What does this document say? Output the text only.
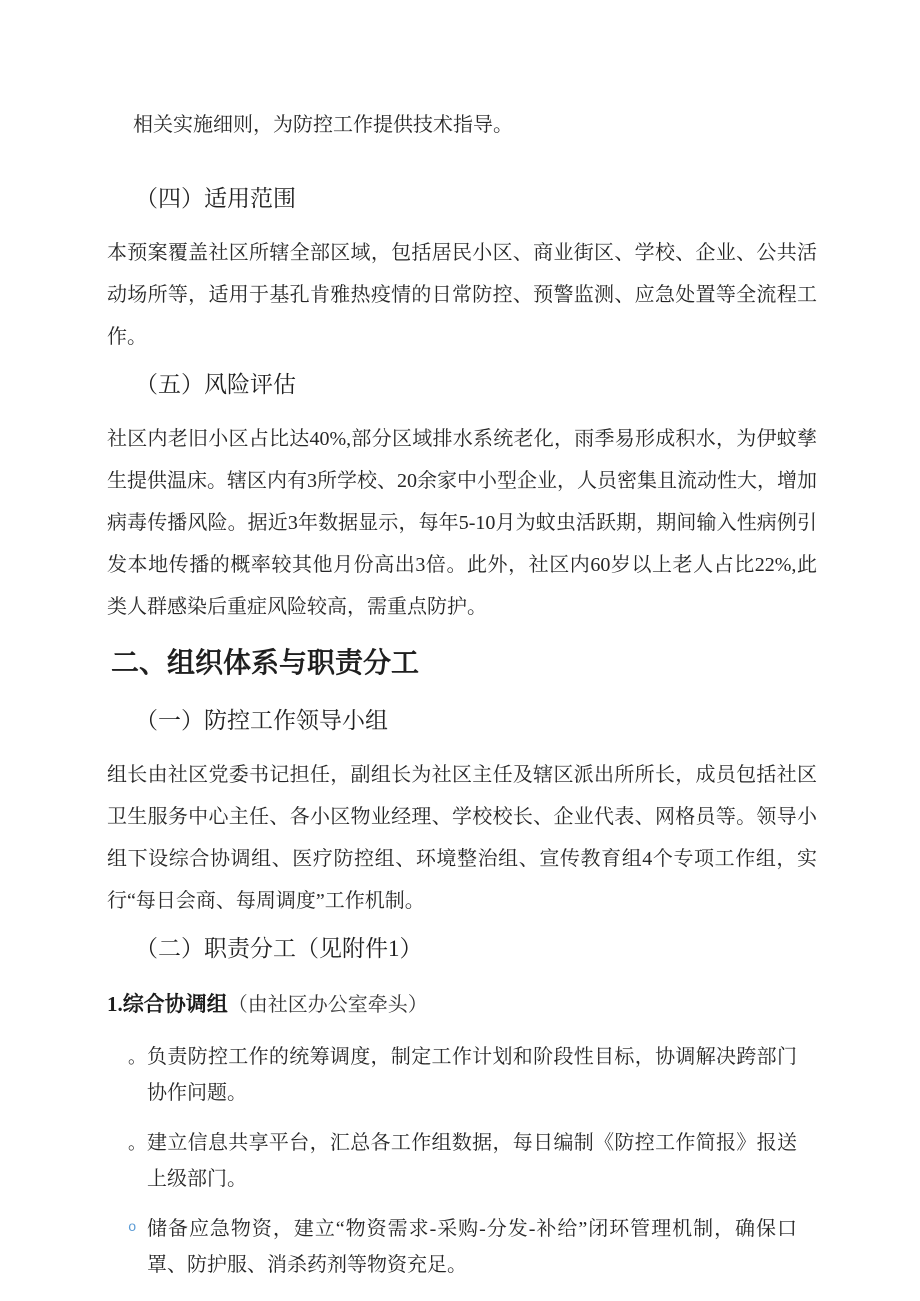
相关实施细则，为防控工作提供技术指导。

（四）适用范围

本预案覆盖社区所辖全部区域，包括居民小区、商业街区、学校、企业、公共活动场所等，适用于基孔肯雅热疫情的日常防控、预警监测、应急处置等全流程工作。

（五）风险评估

社区内老旧小区占比达40%,部分区域排水系统老化，雨季易形成积水，为伊蚊孳生提供温床。辖区内有3所学校、20余家中小型企业，人员密集且流动性大，增加病毒传播风险。据近3年数据显示，每年5-10月为蚊虫活跃期，期间输入性病例引发本地传播的概率较其他月份高出3倍。此外，社区内60岁以上老人占比22%,此类人群感染后重症风险较高，需重点防护。

二、组织体系与职责分工
（一）防控工作领导小组

组长由社区党委书记担任，副组长为社区主任及辖区派出所所长，成员包括社区卫生服务中心主任、各小区物业经理、学校校长、企业代表、网格员等。领导小组下设综合协调组、医疗防控组、环境整治组、宣传教育组4个专项工作组，实行“每日会商、每周调度”工作机制。

（二）职责分工（见附件1）

1.综合协调组（由社区办公室牵头）

。 负责防控工作的统筹调度，制定工作计划和阶段性目标，协调解决跨部门协作问题。
。 建立信息共享平台，汇总各工作组数据，每日编制《防控工作简报》报送上级部门。
o 储备应急物资，建立“物资需求-采购-分发-补给”闭环管理机制，确保口罩、防护服、消杀药剂等物资充足。
